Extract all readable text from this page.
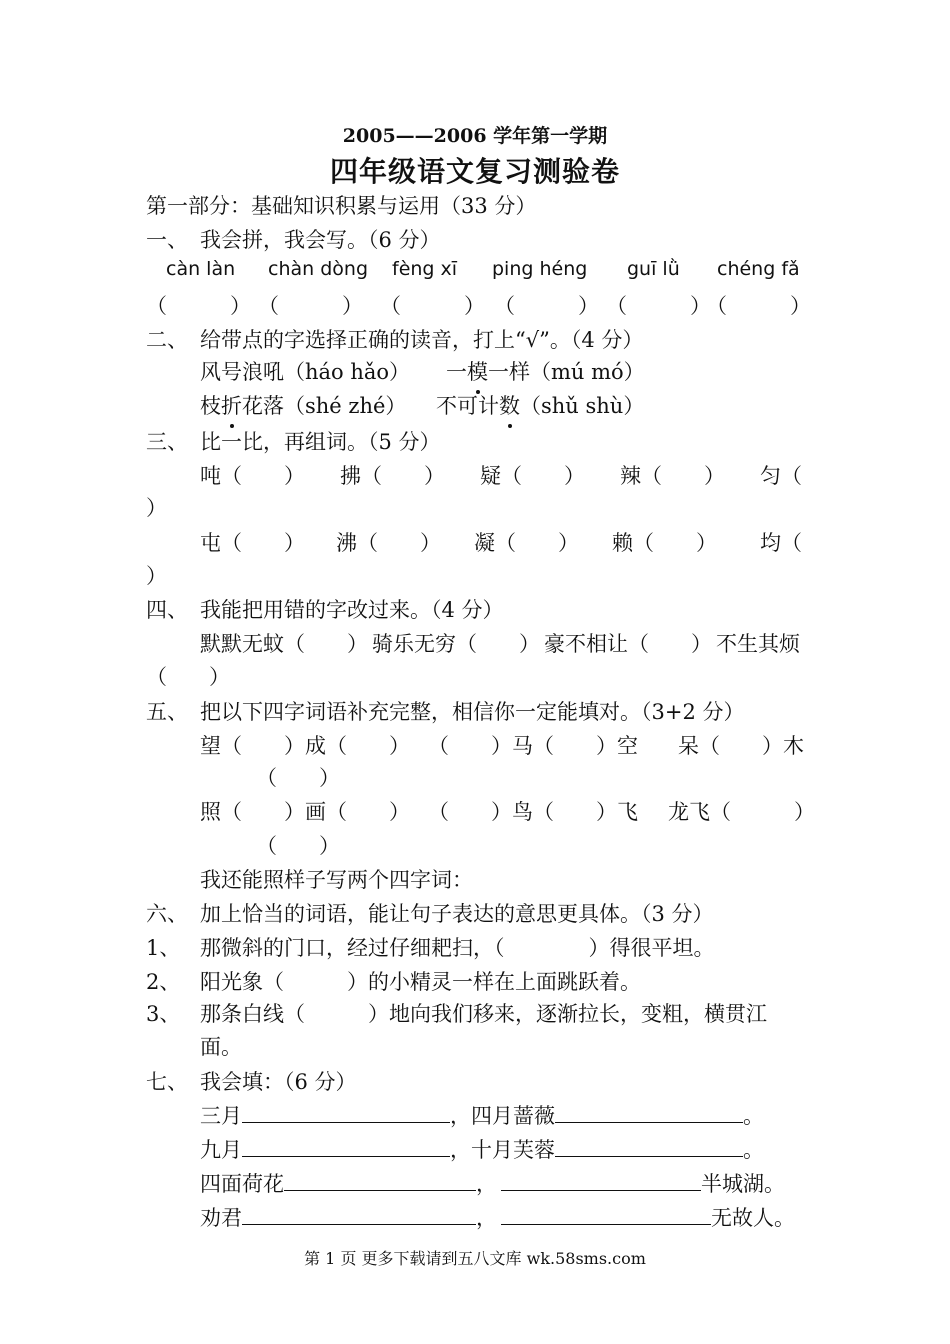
2005——2006 学年第一学期
四年级语文复习测验卷
第一部分：基础知识积累与运用（33 分）
一、 我会拼，我会写。（6 分）
càn làn chàn dòng fèng xī ping héng guī lǜ chéng fǎ
（　　　） （　　　） （　　　） （　　　） （　　　）
（　　　）
二、 给带点的字选择正确的读音，打上“√”。（4 分）
风号浪吼（háo hǎo） 一模一样（mú mó）
枝折花落（shé zhé） 不可计数（shǔ shù）
三、 比一比，再组词。（5 分）
吨（　　） 拂（　　） 疑（　　） 辣（　　） 匀（
）
屯（　　） 沸（　　） 凝（　　） 赖（　　） 均（
）
四、 我能把用错的字改过来。（4 分）
默默无蚊（　　） 骑乐无穷（　　） 豪不相让（　　） 不生其烦
（　　）
五、 把以下四字词语补充完整，相信你一定能填对。（3+2 分）
望（　　）成（　　） （　　）马（　　）空 呆（　　）木
（　　）
照（　　）画（　　） （　　）鸟（　　）飞 龙飞（　　　）
（　　）
我还能照样子写两个四字词：
六、 加上恰当的词语，能让句子表达的意思更具体。（3 分）
1、 那微斜的门口，经过仔细耙扫，（　　　　）得很平坦。
2、 阳光象（　　　）的小精灵一样在上面跳跃着。
3、 那条白线（　　　）地向我们移来，逐渐拉长，变粗，横贯江
面。
七、 我会填：（6 分）
三月	，四月蔷薇	。
九月	，十月芙蓉	。
四面荷花	，	半城湖。
劝君	，	无故人。
第 1 页 更多下载请到五八文库 wk.58sms.com
